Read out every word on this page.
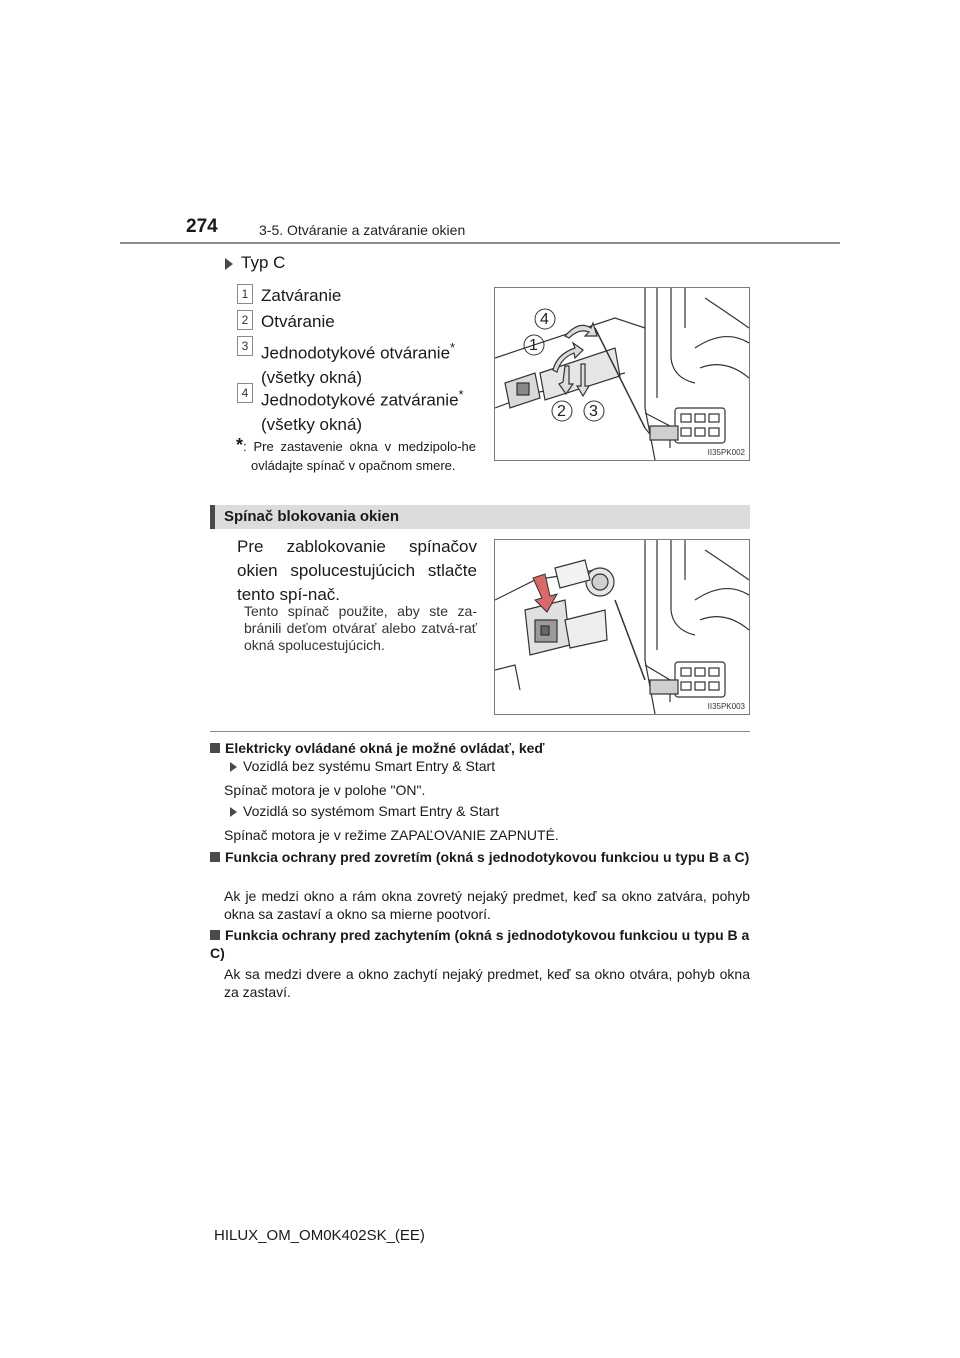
274	3-5. Otváranie a zatváranie okien
Typ C
1 Zatváranie
2 Otváranie
3 Jednodotykové otváranie*
(všetky okná)
4 Jednodotykové zatváranie*
(všetky okná)
*: Pre zastavenie okna v medzipolo-he ovládajte spínač v opačnom smere.
4
1
2 3
II35PK002
Spínač blokovania okien
Pre zablokovanie spínačov okien spolucestujúcich stlačte tento spí-nač.
Tento spínač použite, aby ste za-bránili deťom otvárať alebo zatvá-rať okná spolucestujúcich.
II35PK003
Elektricky ovládané okná je možné ovládať, keď
Vozidlá bez systému Smart Entry & Start
Spínač motora je v polohe "ON".
Vozidlá so systémom Smart Entry & Start
Spínač motora je v režime ZAPAĽOVANIE ZAPNUTÉ.
Funkcia ochrany pred zovretím (okná s jednodotykovou funkciou u typu B a C)
Ak je medzi okno a rám okna zovretý nejaký predmet, keď sa okno zatvára, pohyb okna sa zastaví a okno sa mierne pootvorí.
Funkcia ochrany pred zachytením (okná s jednodotykovou funkciou u typu B a C)
Ak sa medzi dvere a okno zachytí nejaký predmet, keď sa okno otvára, pohyb okna za zastaví.
HILUX_OM_OM0K402SK_(EE)
